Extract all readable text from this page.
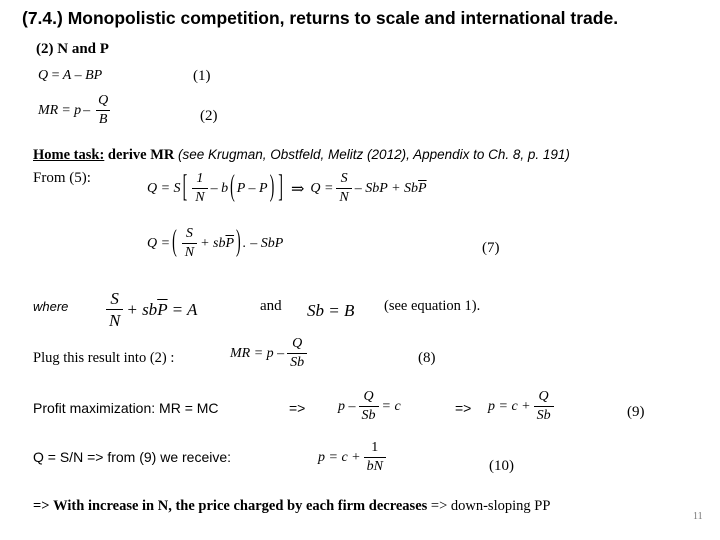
(7.4.) Monopolistic competition, returns to scale and international trade.
(2) N and P
Q = A – BP	(1)
MR = p – $\frac{Q}{B}$	(2)
Home task: derive MR (see Krugman, Obstfeld, Melitz (2012), Appendix to Ch. 8, p. 191)
From (5):
Q = S [ $\frac{1}{N}$ – b ( P – P ) ] ⇒ $Q = \frac{S}{N}$ – SbP + Sb $\overline{P}$
Q = ( $\frac{S}{N}$ + sb $\overline{P}$ ) . – SbP	(7)
where $\frac{S}{N}$ + sb $\overline{P} = A$	and Sb = B (see equation 1).
Plug this result into (2) :	MR = p – $\frac{Q}{Sb}$	(8)
Profit maximization: MR = MC	=> $p - \frac{Q}{Sb} = c$	=> $p = c + \frac{Q}{Sb}$	(9)
Q = S/N => from (9) we receive:	$p = c + \frac{1}{bN}$	(10)
=> With increase in N, the price charged by each firm decreases => down-sloping PP
11
